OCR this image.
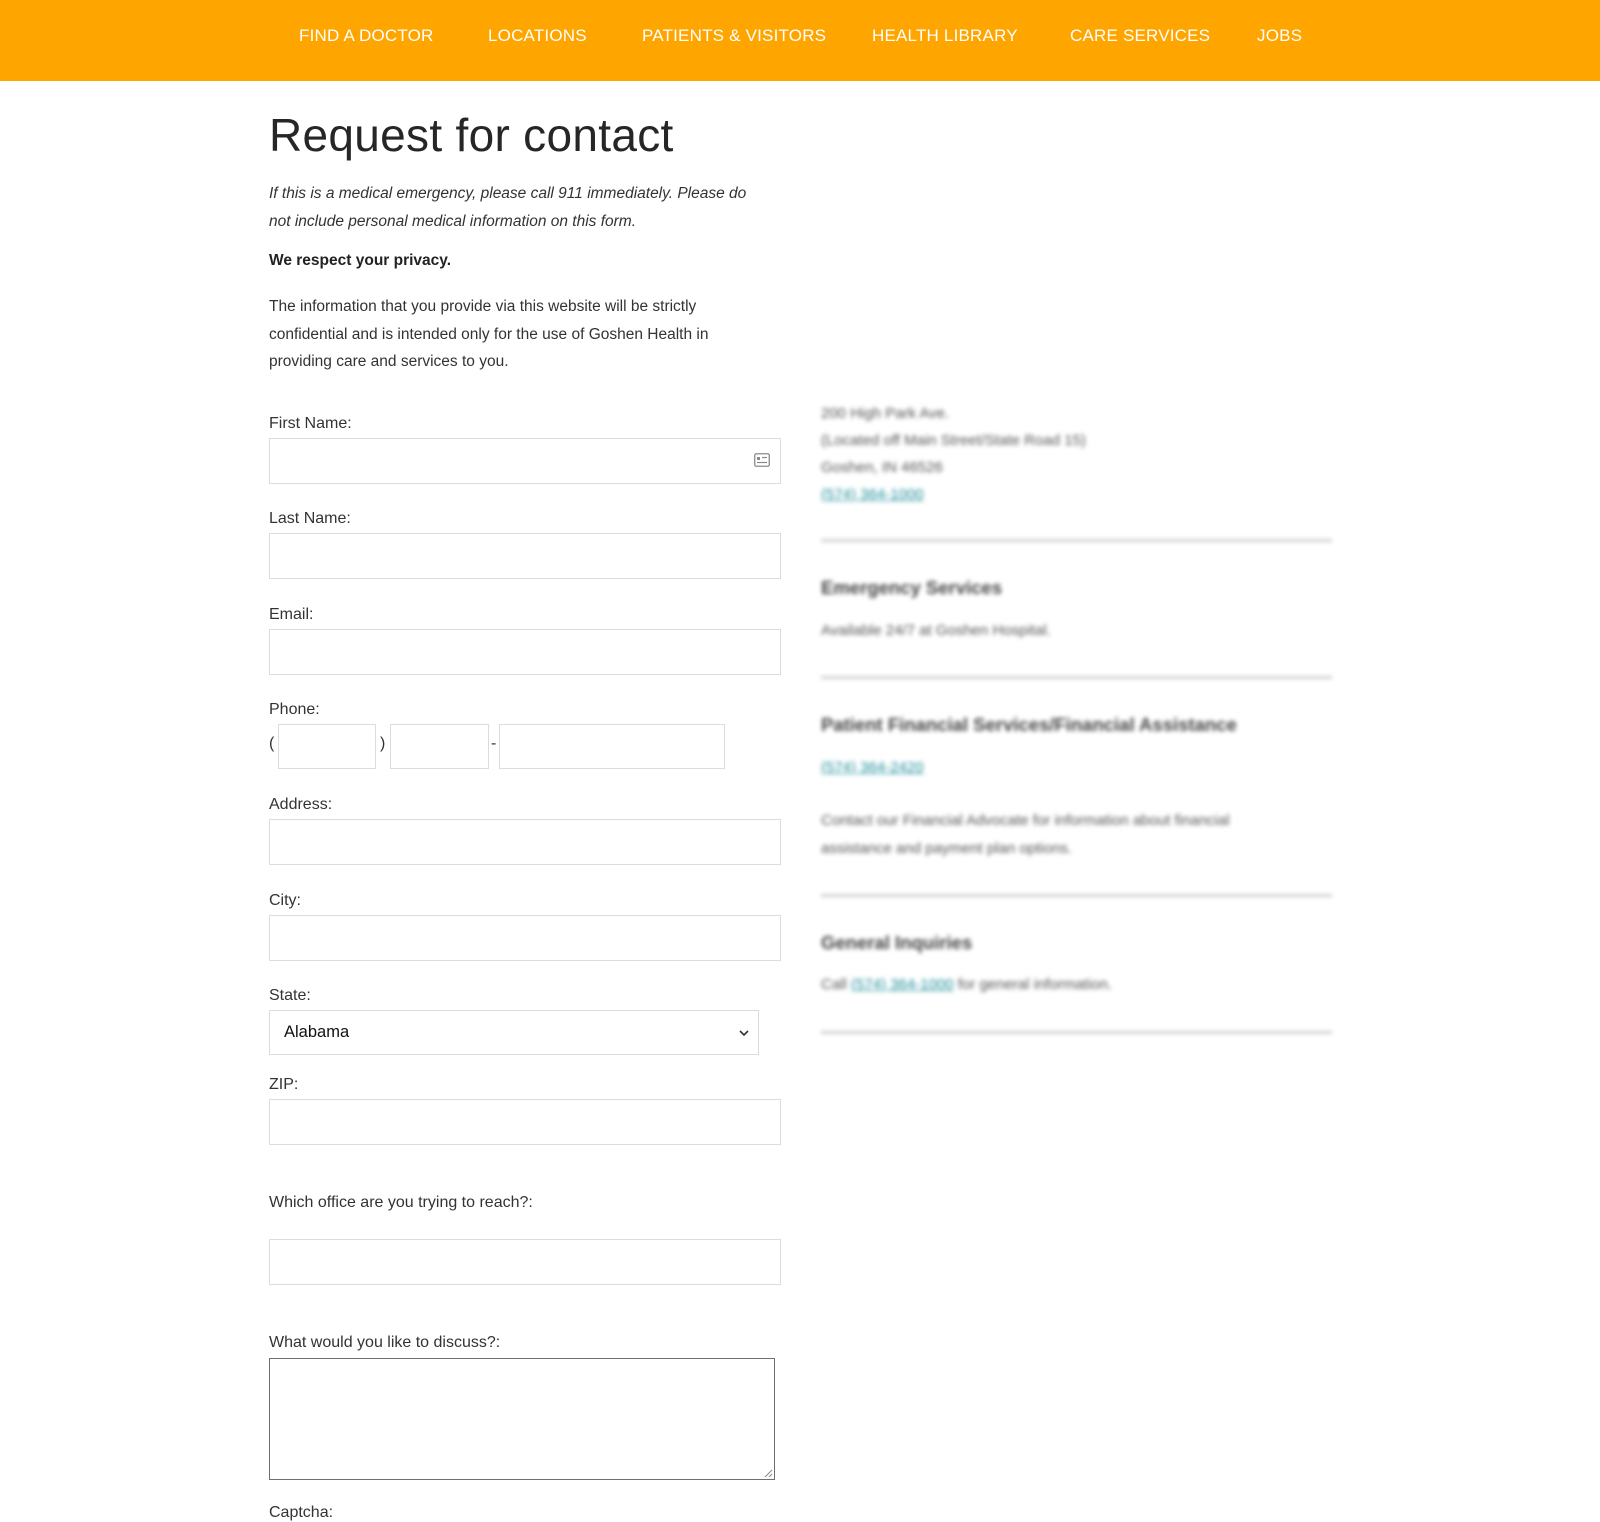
FIND A DOCTOR	LOCATIONS	PATIENTS & VISITORS	HEALTH LIBRARY	CARE SERVICES	JOBS
Request for contact

If this is a medical emergency, please call 911 immediately. Please do not include personal medical information on this form.

We respect your privacy.

The information that you provide via this website will be strictly confidential and is intended only for the use of Goshen Health in providing care and services to you.

First Name:
Last Name:
Email:
Phone:
(	)	-
Address:
City:
State:
Alabama
ZIP:
Which office are you trying to reach?:
What would you like to discuss?:
Captcha:

200 High Park Ave.

(Located off Main Street/State Road 15)

Goshen, IN 46526

(574) 364-1000

Emergency Services

Available 24/7 at Goshen Hospital.

Patient Financial Services/Financial Assistance

(574) 364-2420

Contact our Financial Advocate for information about financial assistance and payment plan options.

General Inquiries

Call (574) 364-1000 for general information.
